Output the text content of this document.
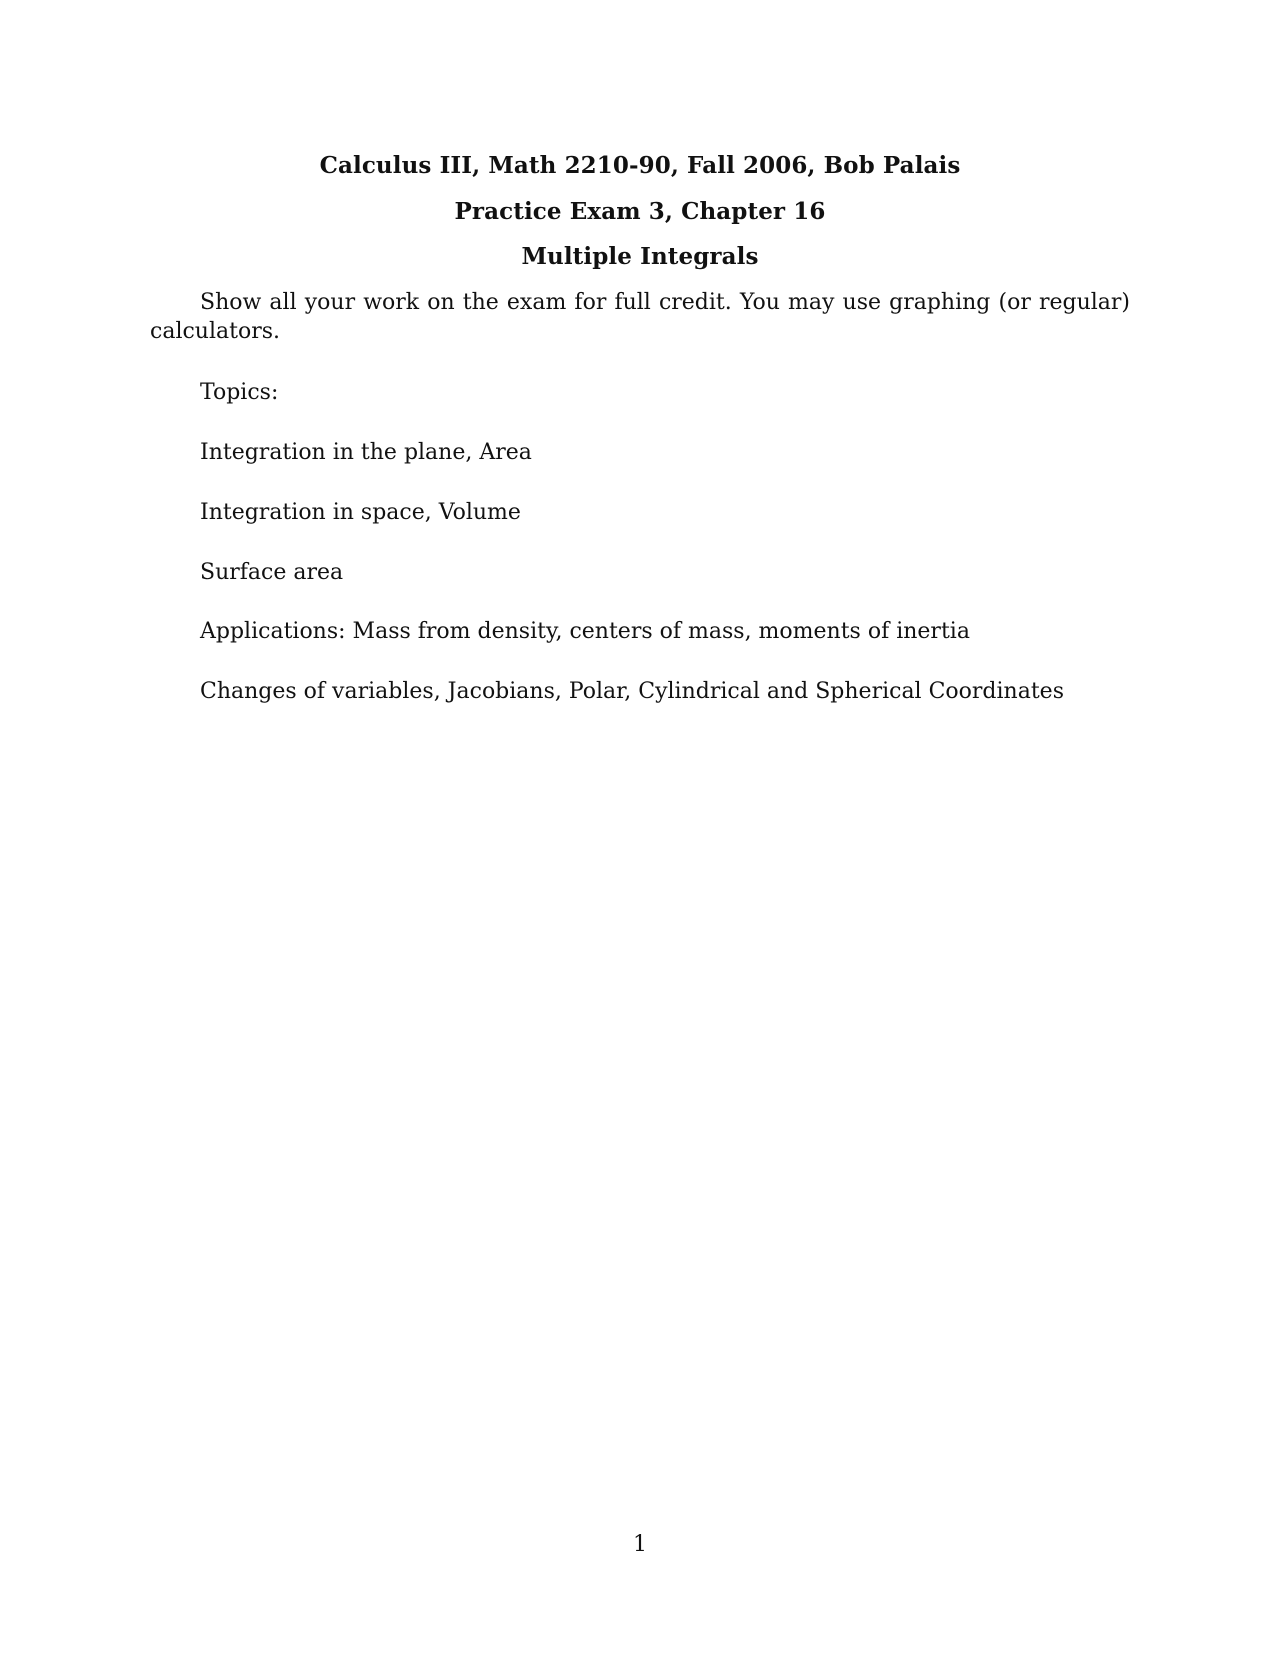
Calculus III, Math 2210-90, Fall 2006, Bob Palais
Practice Exam 3, Chapter 16
Multiple Integrals

Show all your work on the exam for full credit. You may use graphing (or regular) calculators.

Topics:
Integration in the plane, Area
Integration in space, Volume
Surface area
Applications: Mass from density, centers of mass, moments of inertia
Changes of variables, Jacobians, Polar, Cylindrical and Spherical Coordinates
1
